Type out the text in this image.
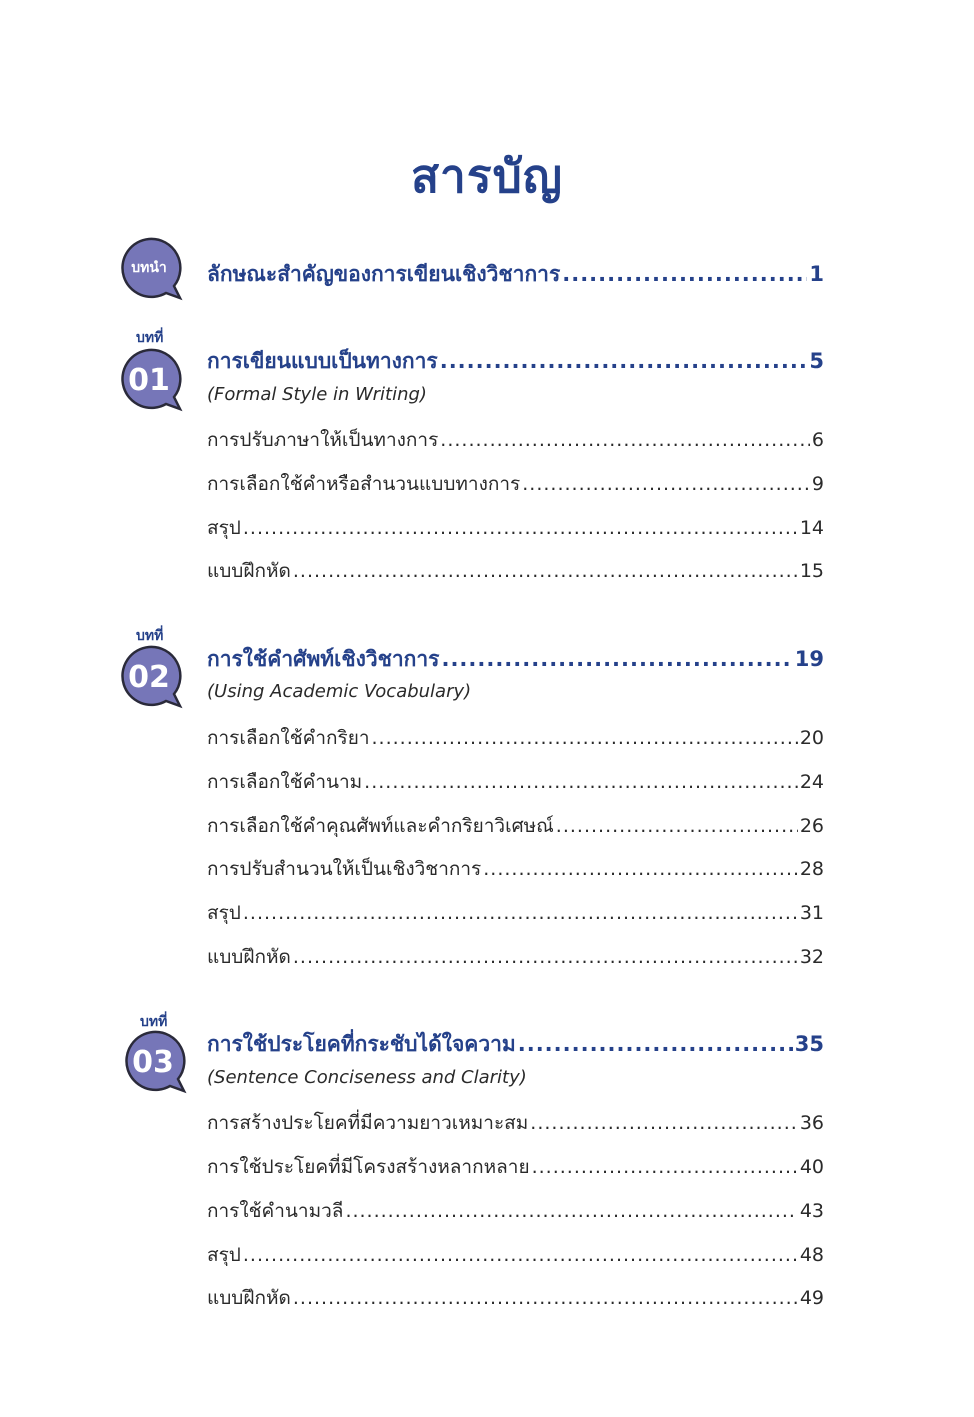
สารบัญ
บทนำ ลักษณะสำคัญของการเขียนเชิงวิชาการ .....	1
บทที่
01
การเขียนแบบเป็นทางการ .....	5
(Formal Style in Writing)
การปรับภาษาให้เป็นทางการ .....	6
การเลือกใช้คำหรือสำนวนแบบทางการ .....	9
สรุป .....	14
แบบฝึกหัด .....	15
บทที่
02
การใช้คำศัพท์เชิงวิชาการ .....	19
(Using Academic Vocabulary)
การเลือกใช้คำกริยา .....	20
การเลือกใช้คำนาม .....	24
การเลือกใช้คำคุณศัพท์และคำกริยาวิเศษณ์ .....	26
การปรับสำนวนให้เป็นเชิงวิชาการ .....	28
สรุป .....	31
แบบฝึกหัด .....	32
บทที่
03
การใช้ประโยคที่กระชับได้ใจความ .....	35
(Sentence Conciseness and Clarity)
การสร้างประโยคที่มีความยาวเหมาะสม .....	36
การใช้ประโยคที่มีโครงสร้างหลากหลาย .....	40
การใช้คำนามวลี .....	43
สรุป .....	48
แบบฝึกหัด .....	49
